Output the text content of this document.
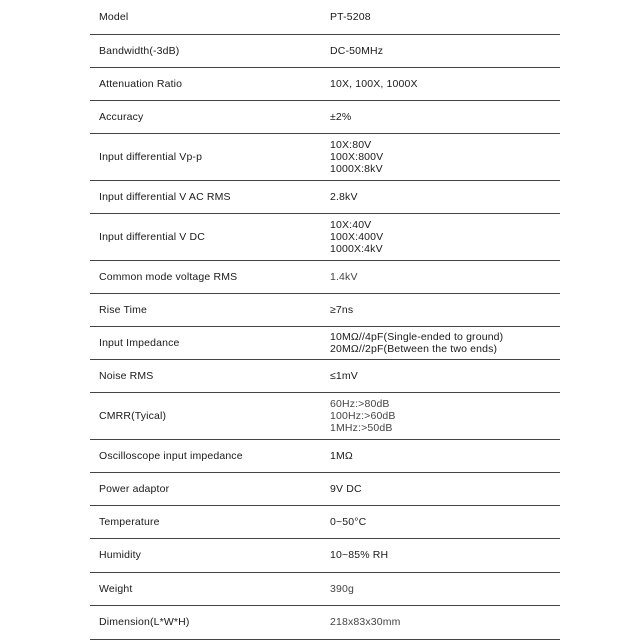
Model	PT-5208

Bandwidth(-3dB)	DC-50MHz

Attenuation Ratio	10X, 100X, 1000X

Accuracy	±2%

Input differential Vp-p	10X:80V
100X:800V
1000X:8kV

Input differential V AC RMS	2.8kV

Input differential V DC	10X:40V
100X:400V
1000X:4kV

Common mode voltage RMS	1.4kV

Rise Time	≥7ns

Input Impedance	10MΩ//4pF(Single-ended to ground)
20MΩ//2pF(Between the two ends)

Noise RMS	≤1mV

CMRR(Tyical)	60Hz:>80dB
100Hz:>60dB
1MHz:>50dB

Oscilloscope input impedance	1MΩ

Power adaptor	9V DC

Temperature	0~50°C

Humidity	10~85% RH

Weight	390g

Dimension(L*W*H)	218x83x30mm
